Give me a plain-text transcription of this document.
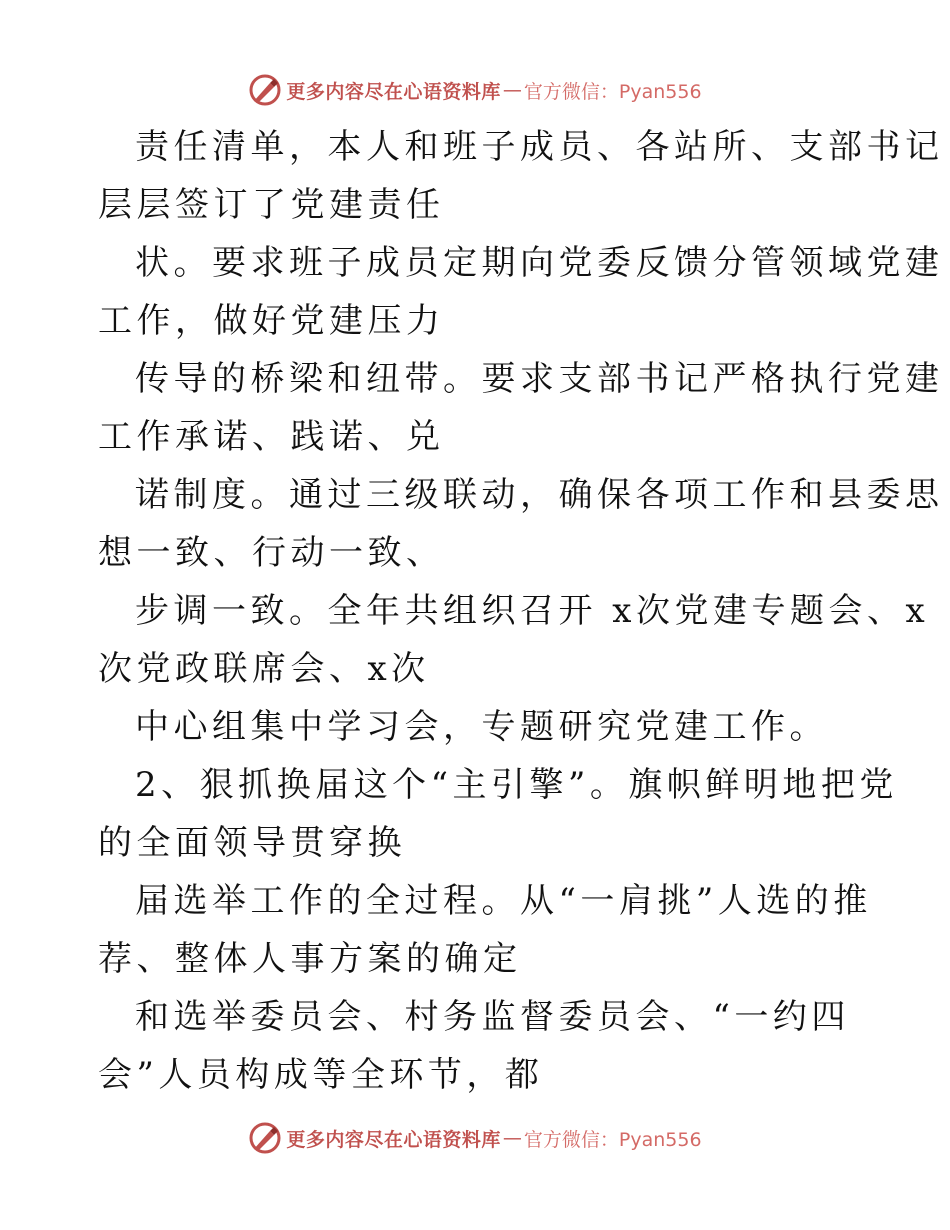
更多内容尽在心语资料库 — 官方微信：Pyan556
责任清单，本人和班子成员、各站所、支部书记
层层签订了党建责任
状。要求班子成员定期向党委反馈分管领域党建
工作，做好党建压力
传导的桥梁和纽带。要求支部书记严格执行党建
工作承诺、践诺、兑
诺制度。通过三级联动，确保各项工作和县委思
想一致、行动一致、
步调一致。全年共组织召开 x次党建专题会、x
次党政联席会、x次
中心组集中学习会，专题研究党建工作。
2、狠抓换届这个“主引擎”。旗帜鲜明地把党
的全面领导贯穿换
届选举工作的全过程。从“一肩挑”人选的推
荐、整体人事方案的确定
和选举委员会、村务监督委员会、“一约四
会”人员构成等全环节，都
更多内容尽在心语资料库 — 官方微信：Pyan556
